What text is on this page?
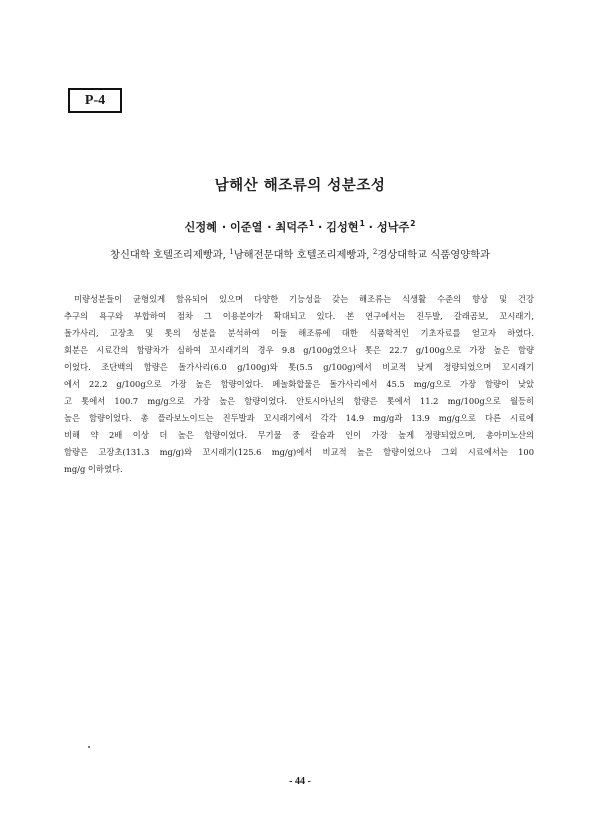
P-4
남해산 해조류의 성분조성
신정혜 · 이준열 · 최덕주$^1$ · 김성현$^1$ · 성낙주$^2$
창신대학 호텔조리제빵과, $^1$남해전문대학 호텔조리제빵과, $^2$경상대학교 식품영양학과
미량성분들이 균형있게 함유되어 있으며 다양한 기능성을 갖는 해조류는 식생활 수준의 향상 및 건강
추구의 욕구와 부합하여 점차 그 이용분야가 확대되고 있다. 본 연구에서는 진두발, 갈래곰보, 꼬시래기,
돌가사리, 고장초 및 톳의 성분을 분석하여 이들 해조류에 대한 식품학적인 기초자료를 얻고자 하였다.
회분은 시료간의 함량차가 심하여 꼬시래기의 경우 9.8 g/100g였으나 톳은 22.7 g/100g으로 가장 높은 함량
이었다. 조단백의 함량은 돌가사리(6.0 g/100g)와 톳(5.5 g/100g)에서 비교적 낮게 정량되었으며 꼬시래기
에서 22.2 g/100g으로 가장 높은 함량이었다. 페놀화합물은 돌가사리에서 45.5 mg/g으로 가장 함량이 낮았
고 톳에서 100.7 mg/g으로 가장 높은 함량이었다. 안토시아닌의 함량은 톳에서 11.2 mg/100g으로 월등히
높은 함량이었다. 총 플라보노이드는 진두발과 꼬시래기에서 각각 14.9 mg/g과 13.9 mg/g으로 다른 시료에
비해 약 2배 이상 더 높은 함량이었다. 무기물 중 칼슘과 인이 가장 높게 정량되었으며, 총아미노산의
함량은 고장초(131.3 mg/g)와 꼬시래기(125.6 mg/g)에서 비교적 높은 함량이었으나 그외 시료에서는 100
mg/g 이하였다.
- 44 -
